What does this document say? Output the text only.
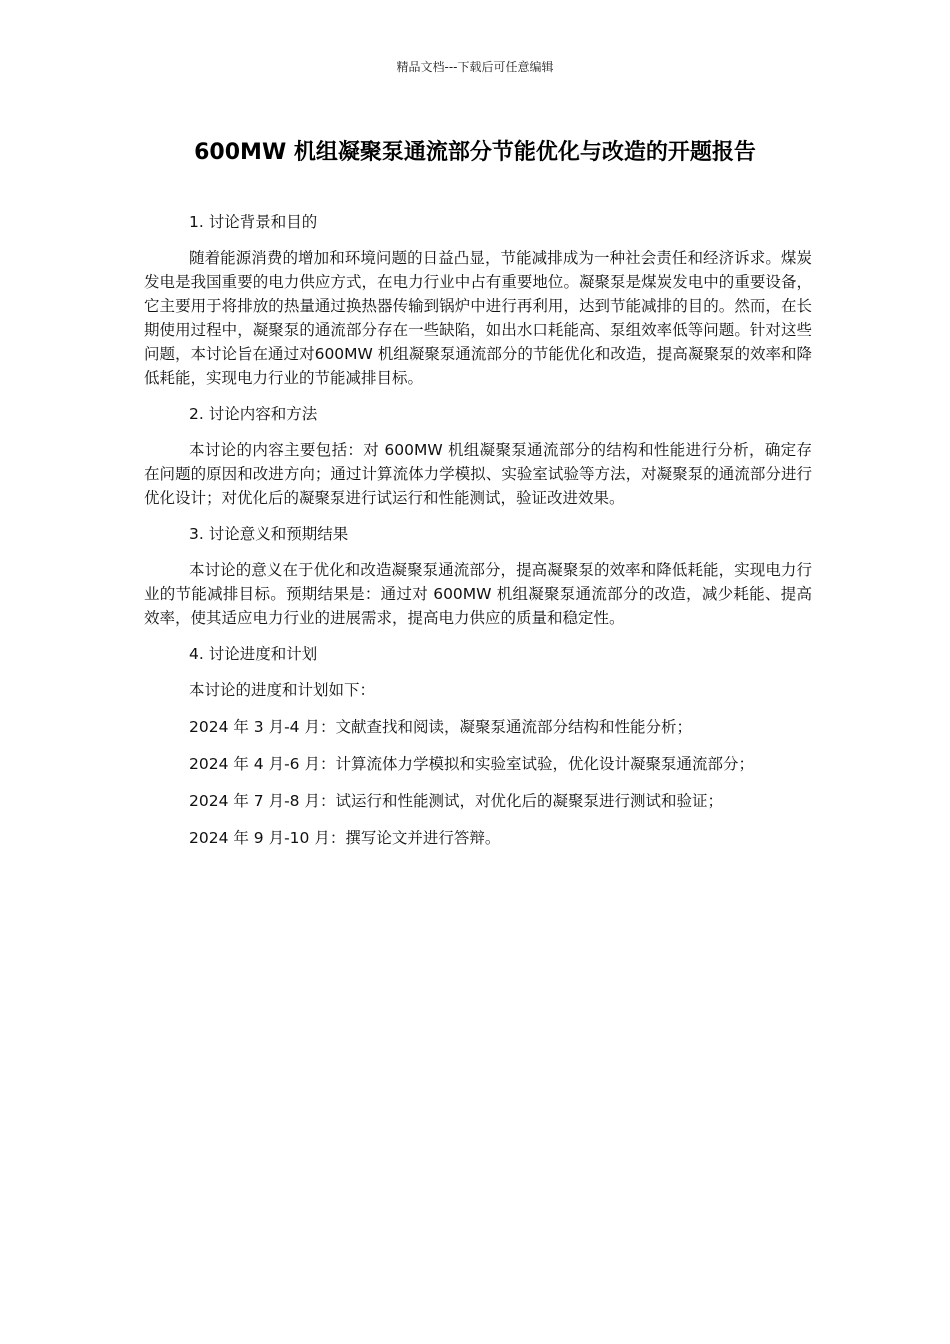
精品文档---下载后可任意编辑
600MW 机组凝聚泵通流部分节能优化与改造的开题报告

1. 讨论背景和目的

随着能源消费的增加和环境问题的日益凸显，节能减排成为一种社会责任和经济诉求。煤炭发电是我国重要的电力供应方式，在电力行业中占有重要地位。凝聚泵是煤炭发电中的重要设备，它主要用于将排放的热量通过换热器传输到锅炉中进行再利用，达到节能减排的目的。然而，在长期使用过程中，凝聚泵的通流部分存在一些缺陷，如出水口耗能高、泵组效率低等问题。针对这些问题，本讨论旨在通过对600MW 机组凝聚泵通流部分的节能优化和改造，提高凝聚泵的效率和降低耗能，实现电力行业的节能减排目标。

2. 讨论内容和方法

本讨论的内容主要包括：对 600MW 机组凝聚泵通流部分的结构和性能进行分析，确定存在问题的原因和改进方向；通过计算流体力学模拟、实验室试验等方法，对凝聚泵的通流部分进行优化设计；对优化后的凝聚泵进行试运行和性能测试，验证改进效果。

3. 讨论意义和预期结果

本讨论的意义在于优化和改造凝聚泵通流部分，提高凝聚泵的效率和降低耗能，实现电力行业的节能减排目标。预期结果是：通过对 600MW 机组凝聚泵通流部分的改造，减少耗能、提高效率，使其适应电力行业的进展需求，提高电力供应的质量和稳定性。

4. 讨论进度和计划

本讨论的进度和计划如下：

2024 年 3 月-4 月：文献查找和阅读，凝聚泵通流部分结构和性能分析；

2024 年 4 月-6 月：计算流体力学模拟和实验室试验，优化设计凝聚泵通流部分；

2024 年 7 月-8 月：试运行和性能测试，对优化后的凝聚泵进行测试和验证；

2024 年 9 月-10 月：撰写论文并进行答辩。
